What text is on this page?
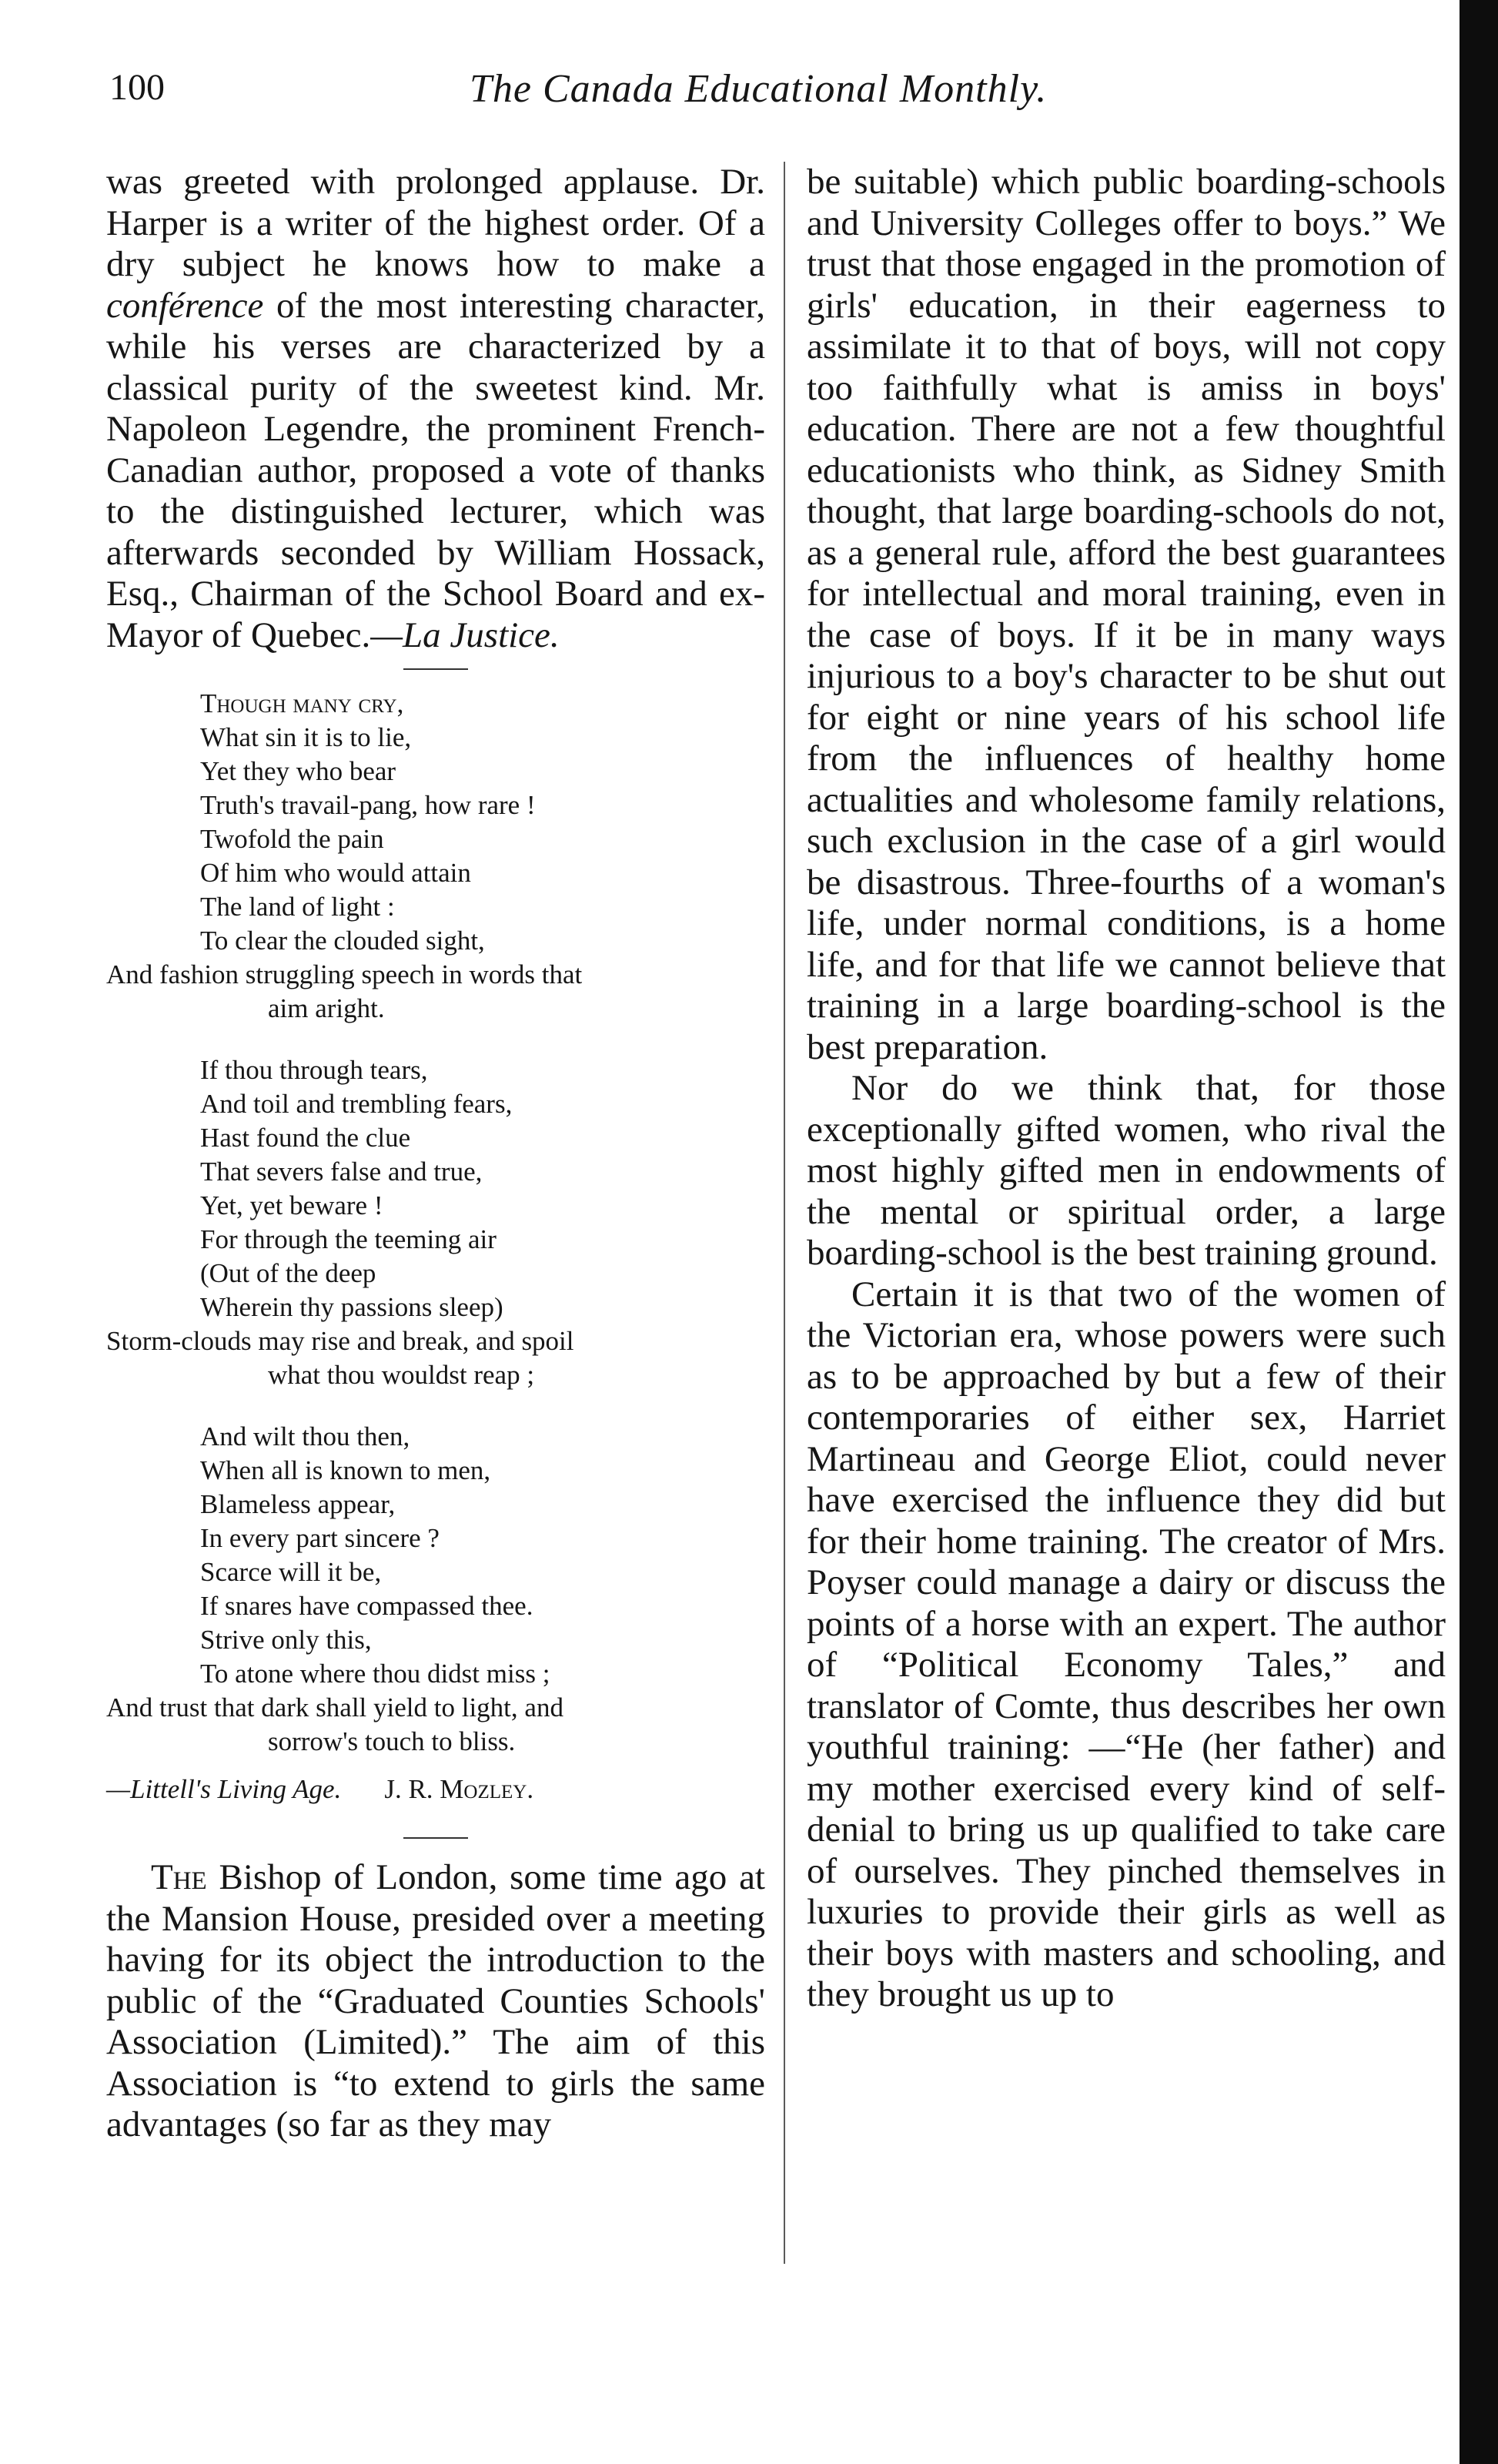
100	The Canada Educational Monthly.

was greeted with prolonged applause. Dr. Harper is a writer of the highest order. Of a dry subject he knows how to make a conférence of the most interesting character, while his verses are characterized by a classical purity of the sweetest kind. Mr. Napoleon Legendre, the prominent French-Canadian author, proposed a vote of thanks to the distinguished lecturer, which was afterwards seconded by William Hossack, Esq., Chairman of the School Board and ex-Mayor of Quebec.—La Justice.

Though many cry,
What sin it is to lie,
Yet they who bear
Truth's travail-pang, how rare !
Twofold the pain
Of him who would attain
The land of light :
To clear the clouded sight,
And fashion struggling speech in words that
aim aright.
If thou through tears,
And toil and trembling fears,
Hast found the clue
That severs false and true,
Yet, yet beware !
For through the teeming air
(Out of the deep
Wherein thy passions sleep)
Storm-clouds may rise and break, and spoil
what thou wouldst reap ;
And wilt thou then,
When all is known to men,
Blameless appear,
In every part sincere ?
Scarce will it be,
If snares have compassed thee.
Strive only this,
To atone where thou didst miss ;
And trust that dark shall yield to light, and
sorrow's touch to bliss.
—Littell's Living Age. J. R. Mozley.

The Bishop of London, some time ago at the Mansion House, presided over a meeting having for its object the introduction to the public of the “Graduated Counties Schools' Association (Limited).” The aim of this Association is “to extend to girls the same advantages (so far as they may

be suitable) which public boarding-schools and University Colleges offer to boys.” We trust that those engaged in the promotion of girls' education, in their eagerness to assimilate it to that of boys, will not copy too faithfully what is amiss in boys' education. There are not a few thoughtful educationists who think, as Sidney Smith thought, that large boarding-schools do not, as a general rule, afford the best guarantees for intellectual and moral training, even in the case of boys. If it be in many ways injurious to a boy's character to be shut out for eight or nine years of his school life from the influences of healthy home actualities and wholesome family relations, such exclusion in the case of a girl would be disastrous. Three-fourths of a woman's life, under normal conditions, is a home life, and for that life we cannot believe that training in a large boarding-school is the best preparation.

Nor do we think that, for those exceptionally gifted women, who rival the most highly gifted men in endowments of the mental or spiritual order, a large boarding-school is the best training ground.

Certain it is that two of the women of the Victorian era, whose powers were such as to be approached by but a few of their contemporaries of either sex, Harriet Martineau and George Eliot, could never have exercised the influence they did but for their home training. The creator of Mrs. Poyser could manage a dairy or discuss the points of a horse with an expert. The author of “Political Economy Tales,” and translator of Comte, thus describes her own youthful training: —“He (her father) and my mother exercised every kind of self-denial to bring us up qualified to take care of ourselves. They pinched themselves in luxuries to provide their girls as well as their boys with masters and schooling, and they brought us up to
